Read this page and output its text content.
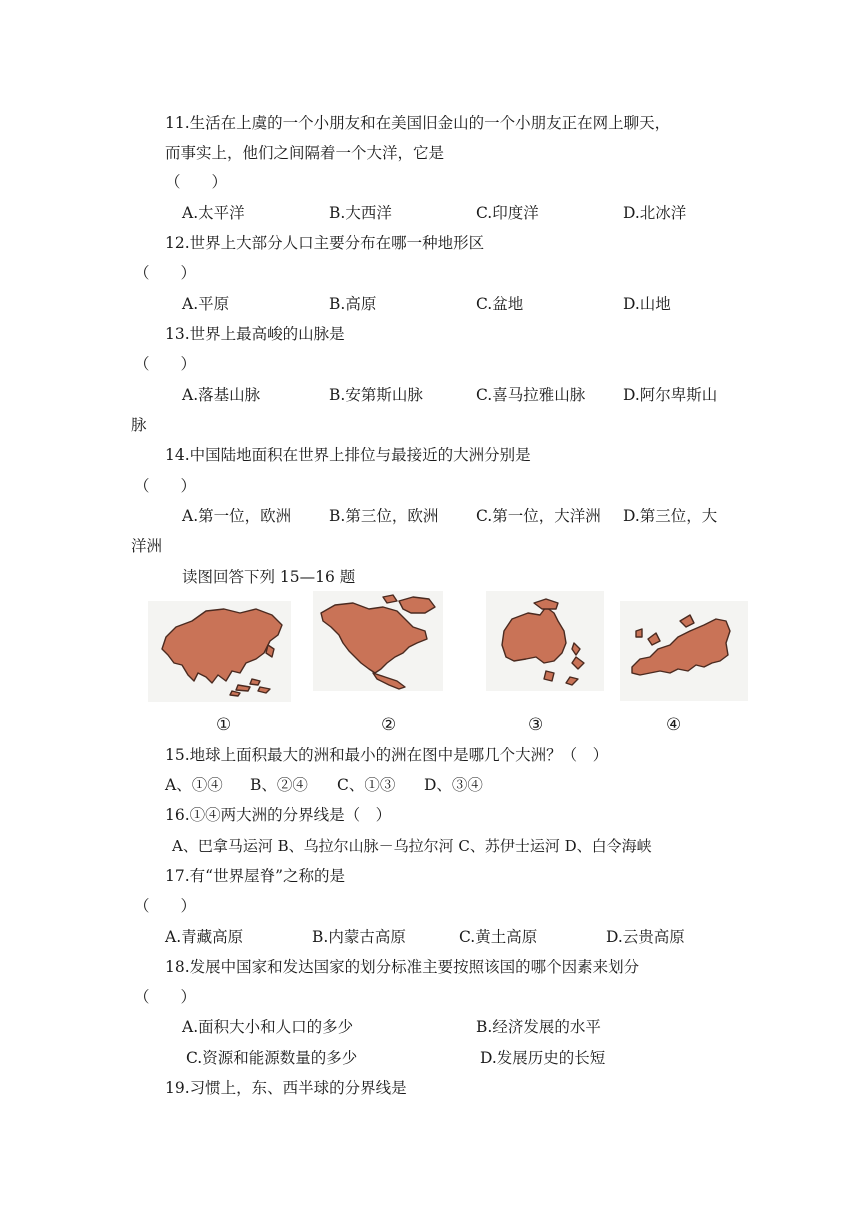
11.生活在上虞的一个小朋友和在美国旧金山的一个小朋友正在网上聊天，
而事实上，他们之间隔着一个大洋，它是
（　　）
A.太平洋	B.大西洋	C.印度洋	D.北冰洋
12.世界上大部分人口主要分布在哪一种地形区
（　　）
A.平原	B.高原	C.盆地	D.山地
13.世界上最高峻的山脉是
（　　）
A.落基山脉	B.安第斯山脉	C.喜马拉雅山脉 D.阿尔卑斯山
脉
14.中国陆地面积在世界上排位与最接近的大洲分别是
（　　）
A.第一位，欧洲 B.第三位，欧洲 C.第一位，大洋洲 D.第三位，大
洋洲
读图回答下列 15—16 题
①	②	③	④
15.地球上面积最大的洲和最小的洲在图中是哪几个大洲？（　）
A、①④ B、②④ C、①③ D、③④
16.①④两大洲的分界线是（　）
A、巴拿马运河 B、乌拉尔山脉－乌拉尔河 C、苏伊士运河 D、白令海峡
17.有“世界屋脊”之称的是
（　　）
A.青藏高原	B.内蒙古高原	C.黄土高原	D.云贵高原
18.发展中国家和发达国家的划分标准主要按照该国的哪个因素来划分
（　　）
A.面积大小和人口的多少	B.经济发展的水平
C.资源和能源数量的多少	D.发展历史的长短
19.习惯上，东、西半球的分界线是
